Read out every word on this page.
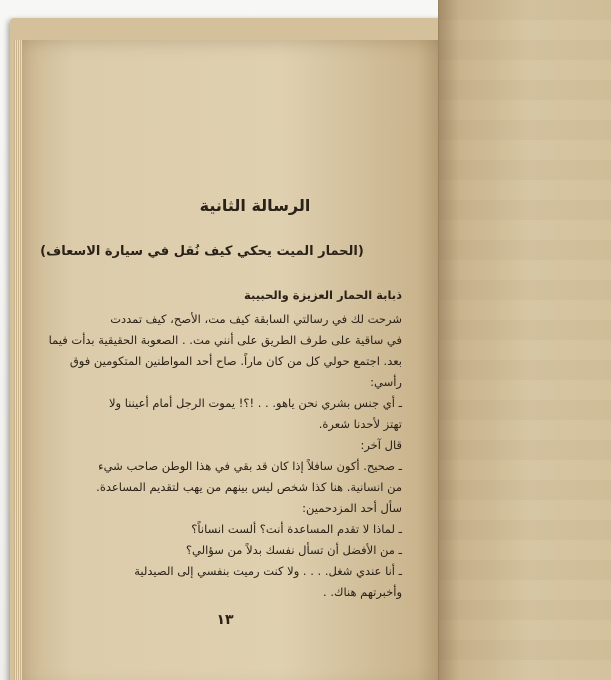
الرسالة الثانية
(الحمار الميت يحكي كيف نُقل في سيارة الاسعاف)
ذبابة الحمار العزيزة والحبيبة
شرحت لك في رسالتي السابقة كيف مت، الأصح، كيف تمددت
في ساقية على طرف الطريق على أنني مت. . الصعوبة الحقيقية بدأت فيما
بعد. اجتمع حولي كل من كان ماراً. صاح أحد المواطنين المتكومين فوق
رأسي:
ـ أي جنس بشري نحن ياهو. . . !؟! يموت الرجل أمام أعيننا ولا
تهتز لأحدنا شعرة.
قال آخر:
ـ صحيح. أكون سافلاً إذا كان قد بقي في هذا الوطن صاحب شيء
من انسانية. هنا كذا شخص ليس بينهم من يهب لتقديم المساعدة.
سأل أحد المزدحمين:
ـ لماذا لا تقدم المساعدة أنت؟ ألست انساناً؟
ـ من الأفضل أن تسأل نفسك بدلاً من سؤالي؟
ـ أنا عندي شغل. . . . ولا كنت رميت بنفسي إلى الصيدلية
وأخبرتهم هناك. .
١٣
